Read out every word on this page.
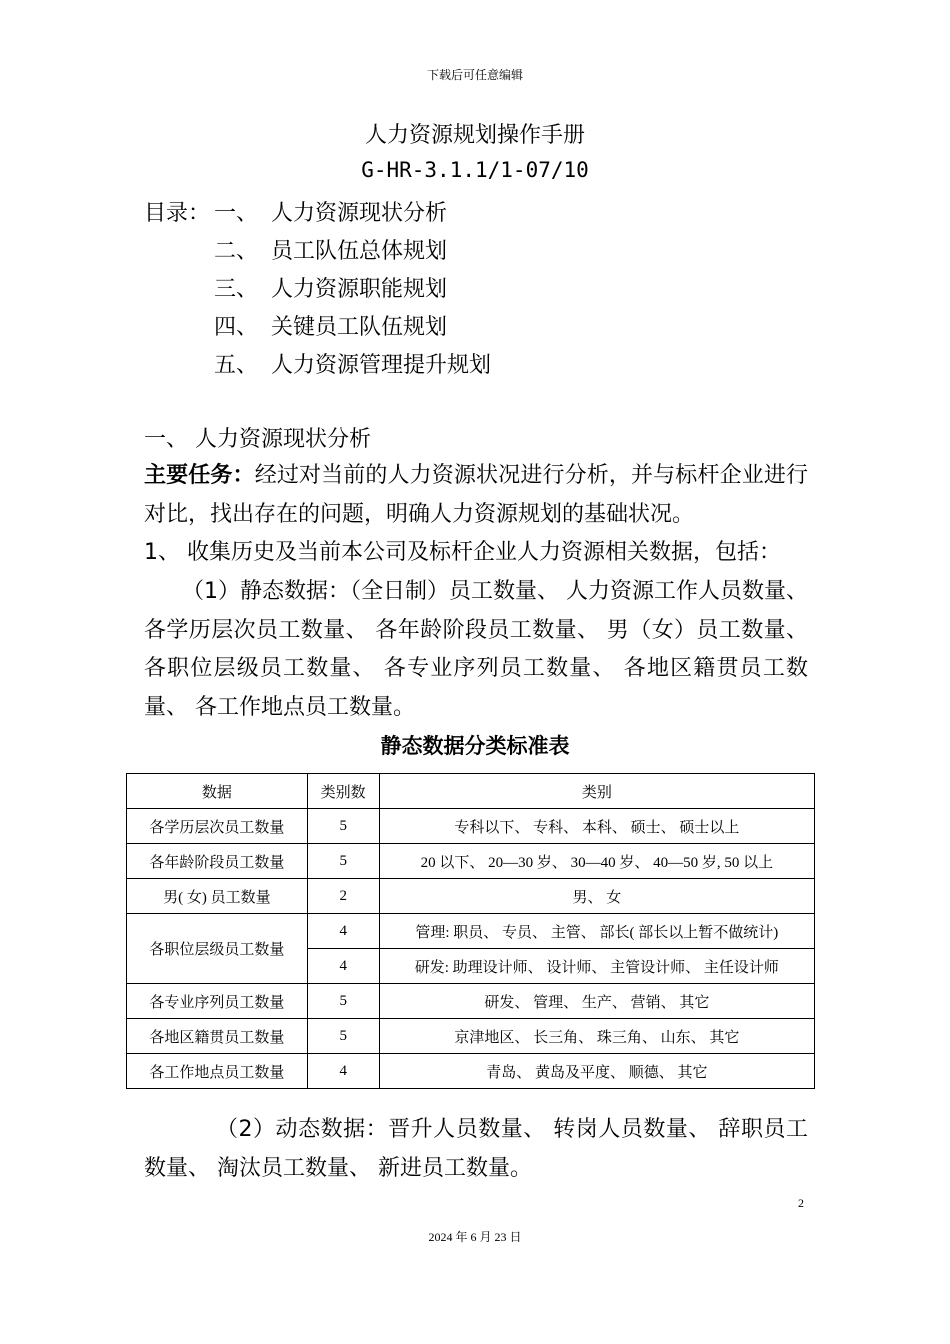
下载后可任意编辑
人力资源规划操作手册
G-HR-3.1.1/1-07/10
目录： 一、 人力资源现状分析
二、 员工队伍总体规划
三、 人力资源职能规划
四、 关键员工队伍规划
五、 人力资源管理提升规划
一、 人力资源现状分析
主要任务：经过对当前的人力资源状况进行分析，并与标杆企业进行对比，找出存在的问题，明确人力资源规划的基础状况。
1、 收集历史及当前本公司及标杆企业人力资源相关数据，包括：
（1）静态数据：（全日制）员工数量、 人力资源工作人员数量、 各学历层次员工数量、 各年龄阶段员工数量、 男（女）员工数量、 各职位层级员工数量、 各专业序列员工数量、 各地区籍贯员工数量、 各工作地点员工数量。
静态数据分类标准表
数据	类别数	类别
各学历层次员工数量	5	专科以下、 专科、 本科、 硕士、 硕士以上
各年龄阶段员工数量	5	20 以下、 20—30 岁、 30—40 岁、 40—50 岁, 50 以上
男( 女) 员工数量	2	男、 女
各职位层级员工数量	4	管理: 职员、 专员、 主管、 部长( 部长以上暂不做统计)
	4	研发: 助理设计师、 设计师、 主管设计师、 主任设计师
各专业序列员工数量	5	研发、 管理、 生产、 营销、 其它
各地区籍贯员工数量	5	京津地区、 长三角、 珠三角、 山东、 其它
各工作地点员工数量	4	青岛、 黄岛及平度、 顺德、 其它
（2）动态数据：晋升人员数量、 转岗人员数量、 辞职员工数量、 淘汰员工数量、 新进员工数量。
2
2024 年 6 月 23 日
